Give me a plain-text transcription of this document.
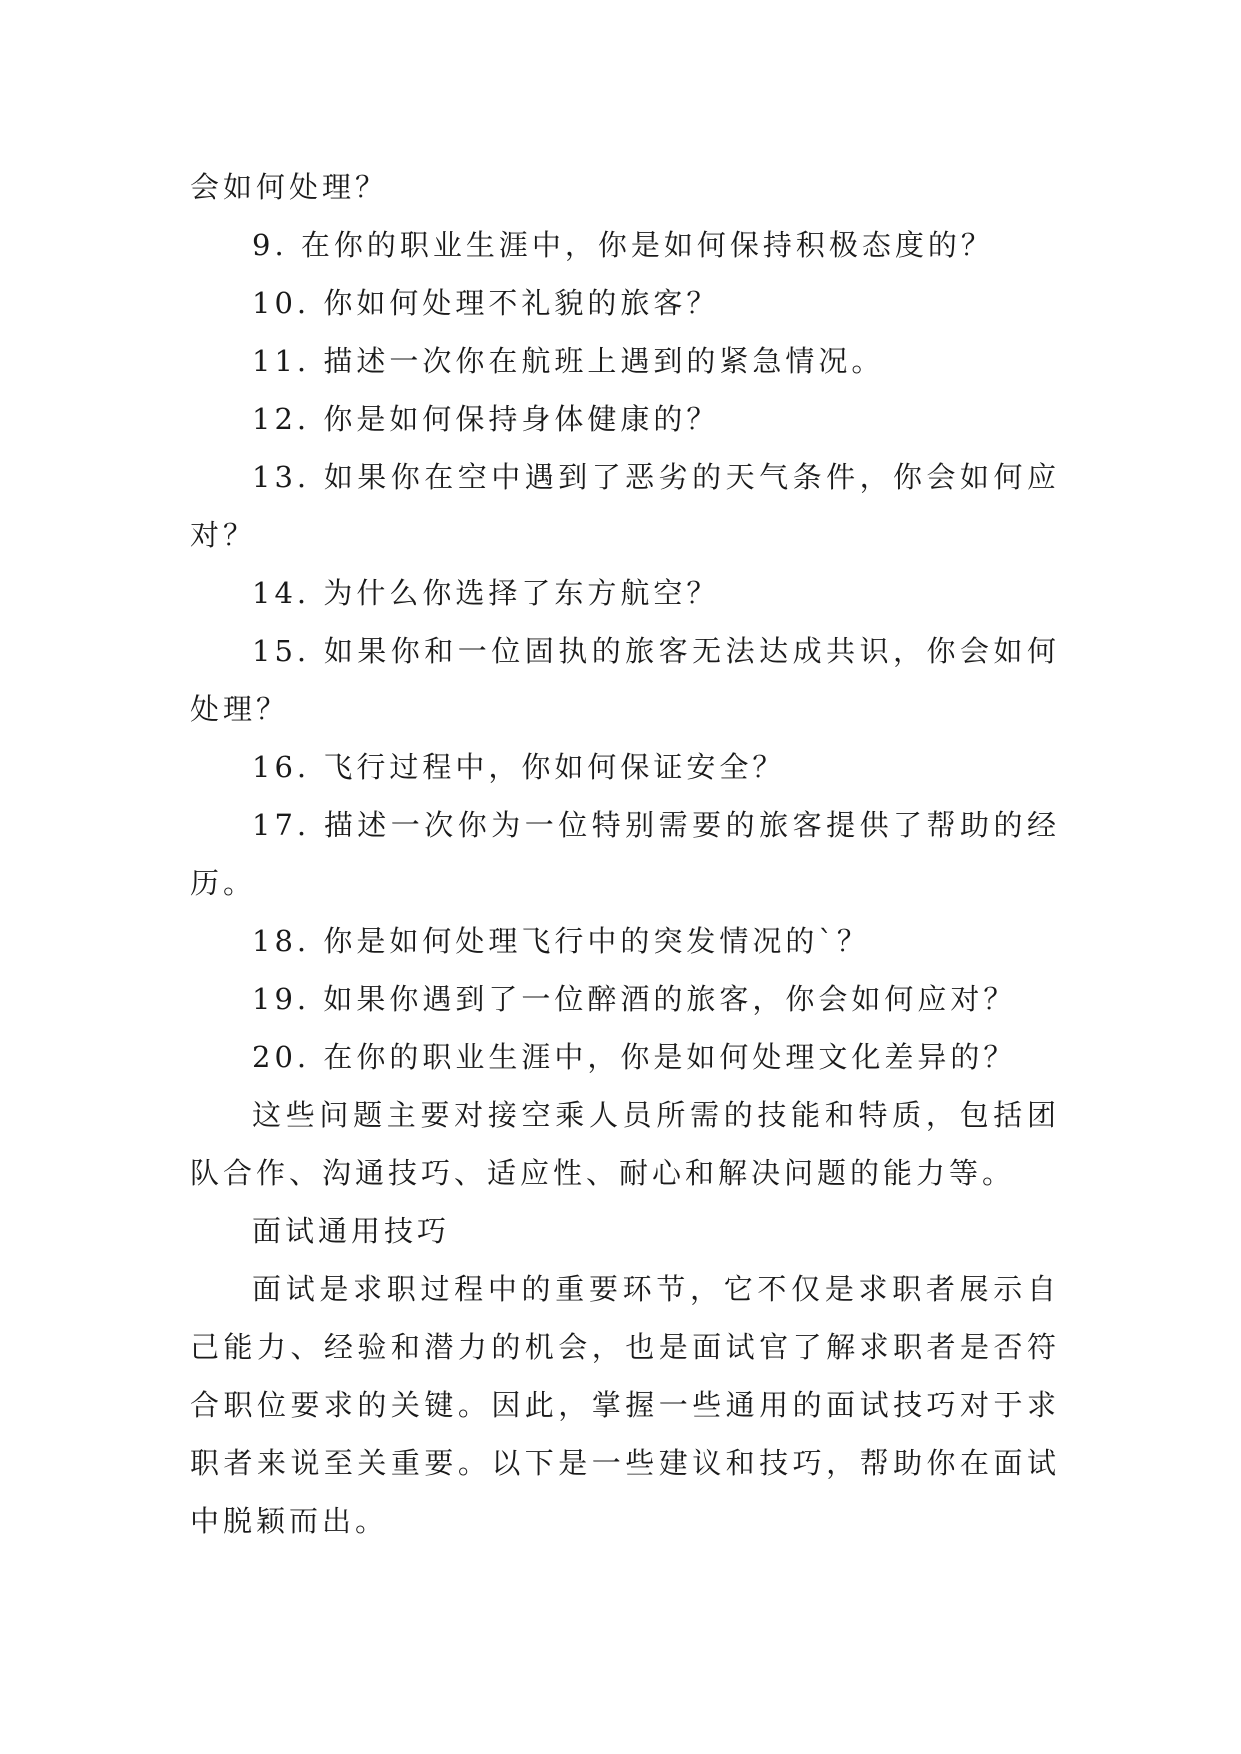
会如何处理？

9. 在你的职业生涯中，你是如何保持积极态度的？

10. 你如何处理不礼貌的旅客？

11. 描述一次你在航班上遇到的紧急情况。

12. 你是如何保持身体健康的？

13. 如果你在空中遇到了恶劣的天气条件，你会如何应对？

14. 为什么你选择了东方航空？

15. 如果你和一位固执的旅客无法达成共识，你会如何处理？

16. 飞行过程中，你如何保证安全？

17. 描述一次你为一位特别需要的旅客提供了帮助的经历。

18. 你是如何处理飞行中的突发情况的`？

19. 如果你遇到了一位醉酒的旅客，你会如何应对？

20. 在你的职业生涯中，你是如何处理文化差异的？

这些问题主要对接空乘人员所需的技能和特质，包括团队合作、沟通技巧、适应性、耐心和解决问题的能力等。

面试通用技巧

面试是求职过程中的重要环节，它不仅是求职者展示自己能力、经验和潜力的机会，也是面试官了解求职者是否符合职位要求的关键。因此，掌握一些通用的面试技巧对于求职者来说至关重要。以下是一些建议和技巧，帮助你在面试中脱颖而出。
